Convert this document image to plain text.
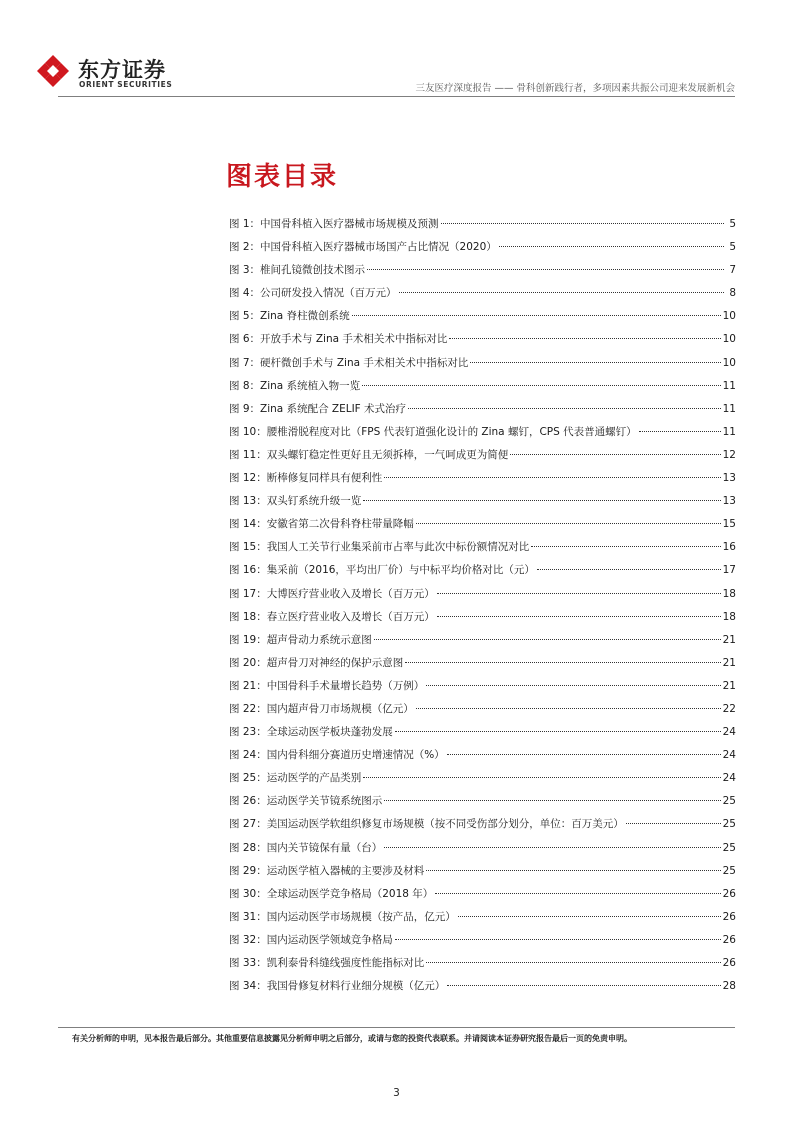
东方证券
ORIENT SECURITIES	三友医疗深度报告 —— 骨科创新践行者，多项因素共振公司迎来发展新机会
图表目录
图 1： 中国骨科植入医疗器械市场规模及预测	5
图 2： 中国骨科植入医疗器械市场国产占比情况（2020）	5
图 3： 椎间孔镜微创技术图示	7
图 4： 公司研发投入情况（百万元）	8
图 5： Zina 脊柱微创系统	10
图 6： 开放手术与 Zina 手术相关术中指标对比	10
图 7： 硬杆微创手术与 Zina 手术相关术中指标对比	10
图 8： Zina 系统植入物一览	11
图 9： Zina 系统配合 ZELIF 术式治疗	11
图 10： 腰椎滑脱程度对比（FPS 代表钉道强化设计的 Zina 螺钉，CPS 代表普通螺钉）	11
图 11： 双头螺钉稳定性更好且无须拆棒，一气呵成更为简便	12
图 12： 断棒修复同样具有便利性	13
图 13： 双头钉系统升级一览	13
图 14： 安徽省第二次骨科脊柱带量降幅	15
图 15： 我国人工关节行业集采前市占率与此次中标份额情况对比	16
图 16： 集采前（2016，平均出厂价）与中标平均价格对比（元）	17
图 17： 大博医疗营业收入及增长（百万元）	18
图 18： 春立医疗营业收入及增长（百万元）	18
图 19： 超声骨动力系统示意图	21
图 20： 超声骨刀对神经的保护示意图	21
图 21： 中国骨科手术量增长趋势（万例）	21
图 22： 国内超声骨刀市场规模（亿元）	22
图 23： 全球运动医学板块蓬勃发展	24
图 24： 国内骨科细分赛道历史增速情况（%）	24
图 25： 运动医学的产品类别	24
图 26： 运动医学关节镜系统图示	25
图 27： 美国运动医学软组织修复市场规模（按不同受伤部分划分，单位：百万美元）	25
图 28： 国内关节镜保有量（台）	25
图 29： 运动医学植入器械的主要涉及材料	25
图 30： 全球运动医学竞争格局（2018 年）	26
图 31： 国内运动医学市场规模（按产品，亿元）	26
图 32： 国内运动医学领域竞争格局	26
图 33： 凯利泰骨科缝线强度性能指标对比	26
图 34： 我国骨修复材料行业细分规模（亿元）	28
有关分析师的申明，见本报告最后部分。其他重要信息披露见分析师申明之后部分，或请与您的投资代表联系。并请阅读本证券研究报告最后一页的免责申明。
3
